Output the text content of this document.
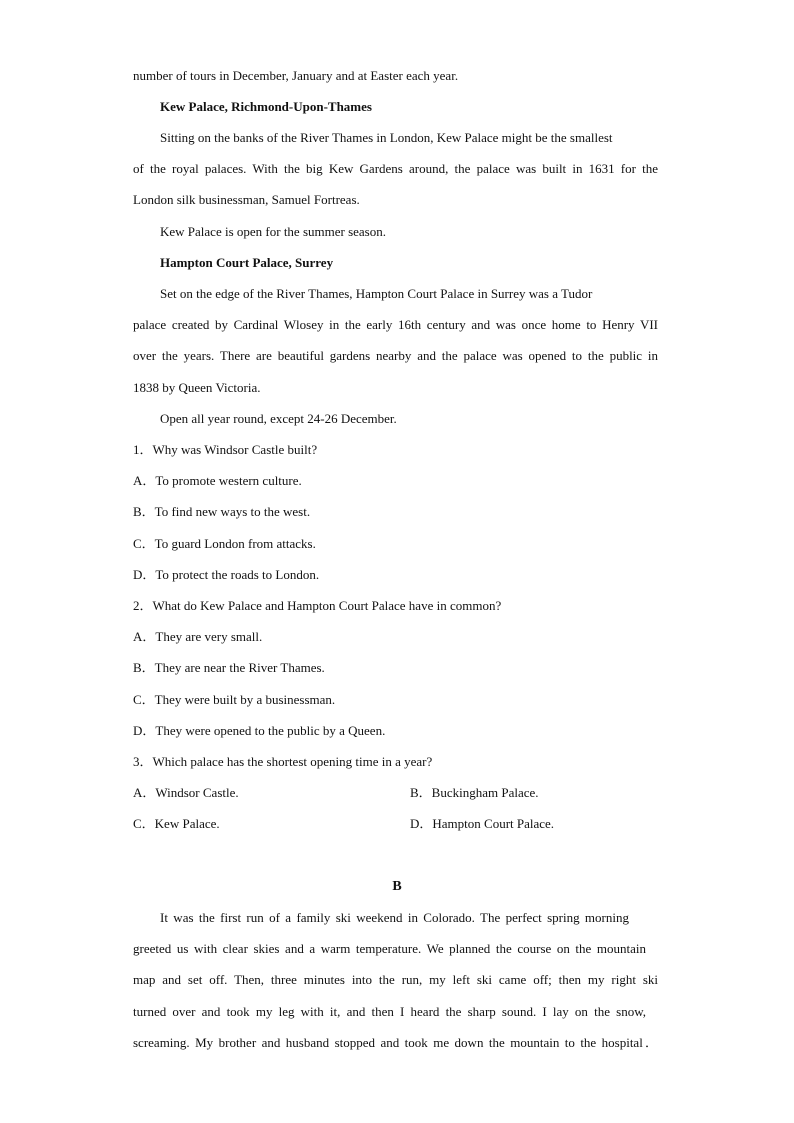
number of tours in December, January and at Easter each year.
Kew Palace, Richmond-Upon-Thames
Sitting on the banks of the River Thames in London, Kew Palace might be the smallest
of the royal palaces. With the big Kew Gardens around, the palace was built in 1631 for the
London silk businessman, Samuel Fortreas.
Kew Palace is open for the summer season.
Hampton Court Palace, Surrey
Set on the edge of the River Thames, Hampton Court Palace in Surrey was a Tudor
palace created by Cardinal Wlosey in the early 16th century and was once home to Henry VII
over the years. There are beautiful gardens nearby and the palace was opened to the public in
1838 by Queen Victoria.
Open all year round, except 24-26 December.
1．Why was Windsor Castle built?
A．To promote western culture.
B．To find new ways to the west.
C．To guard London from attacks.
D．To protect the roads to London.
2．What do Kew Palace and Hampton Court Palace have in common?
A．They are very small.
B．They are near the River Thames.
C．They were built by a businessman.
D．They were opened to the public by a Queen.
3．Which palace has the shortest opening time in a year?
A．Windsor Castle.	B．Buckingham Palace.
C．Kew Palace.	D．Hampton Court Palace.
B
It was the first run of a family ski weekend in Colorado. The perfect spring morning
greeted us with clear skies and a warm temperature. We planned the course on the mountain
map and set off. Then, three minutes into the run, my left ski came off; then my right ski
turned over and took my leg with it, and then I heard the sharp sound. I lay on the snow,
screaming. My brother and husband stopped and took me down the mountain to the hospital．
